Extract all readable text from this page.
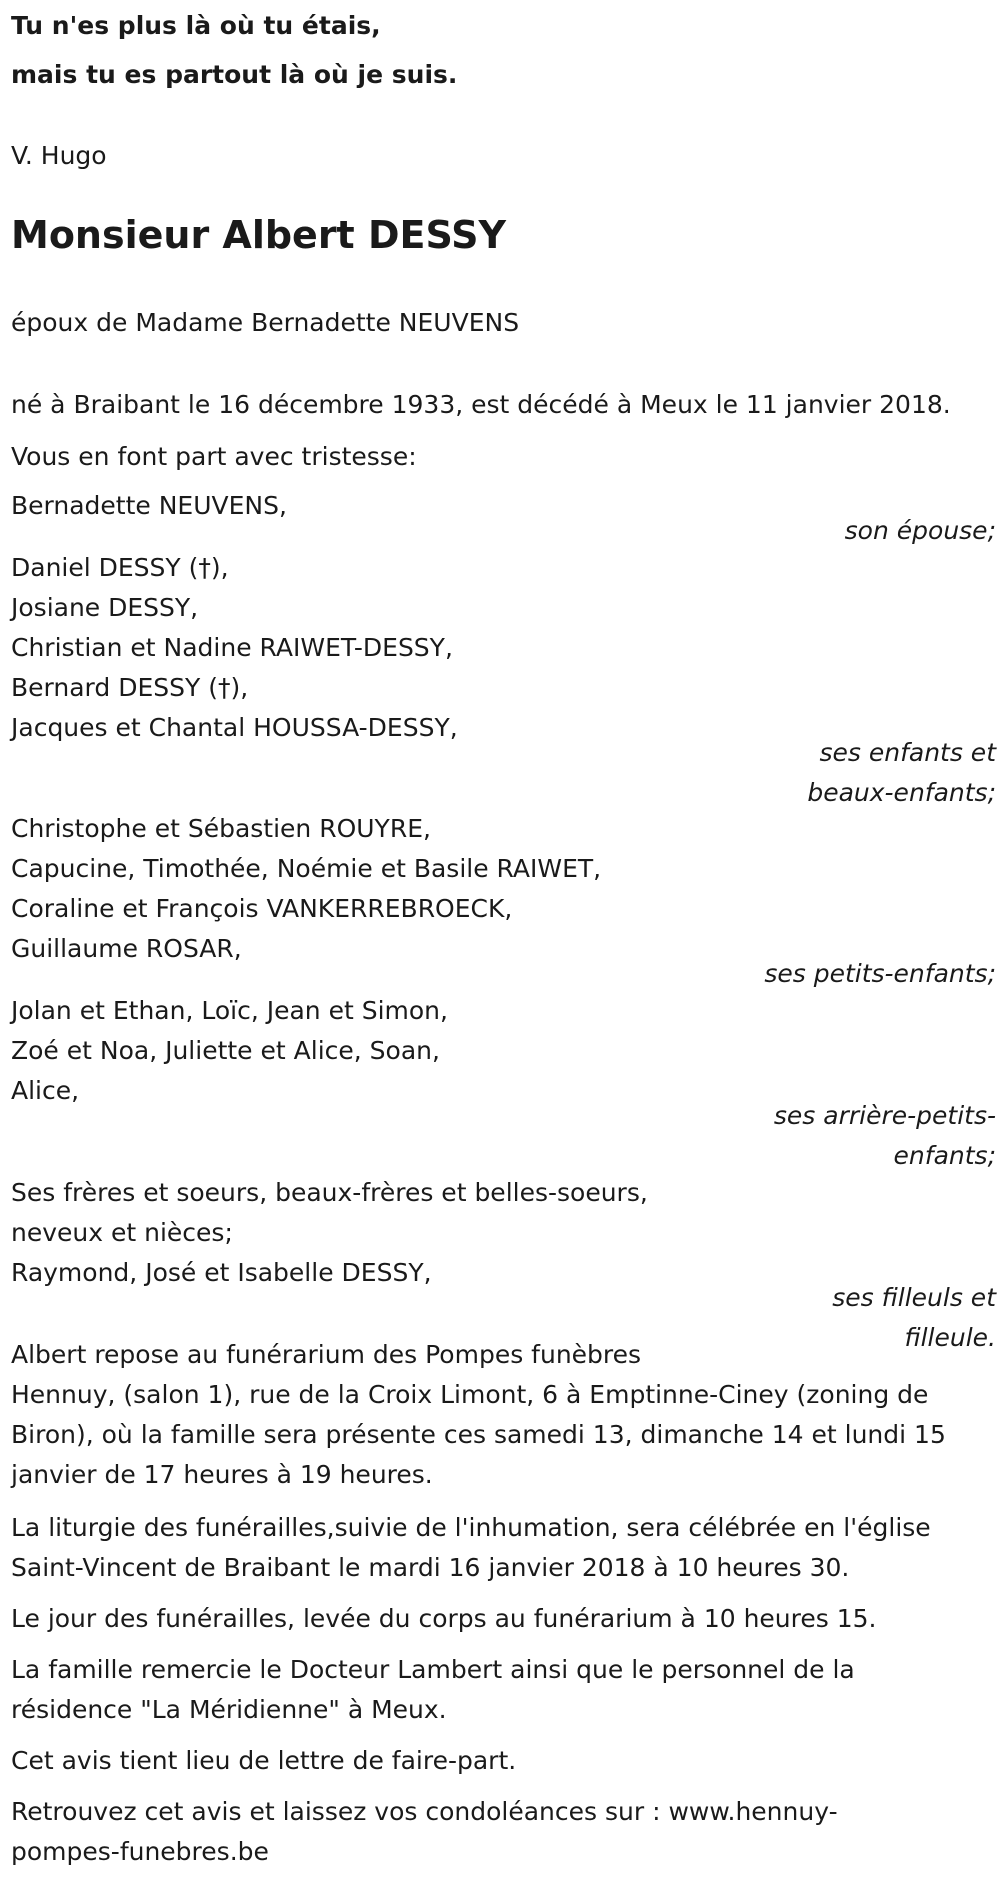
Tu n'es plus là où tu étais,

mais tu es partout là où je suis.

V. Hugo

Monsieur Albert DESSY

époux de Madame Bernadette NEUVENS

né à Braibant le 16 décembre 1933, est décédé à Meux le 11 janvier 2018.

Vous en font part avec tristesse:

Bernadette NEUVENS,

son épouse;

Daniel DESSY (†),

Josiane DESSY,

Christian et Nadine RAIWET-DESSY,

Bernard DESSY (†),

Jacques et Chantal HOUSSA-DESSY,

ses enfants et

beaux-enfants;

Christophe et Sébastien ROUYRE,

Capucine, Timothée, Noémie et Basile RAIWET,

Coraline et François VANKERREBROECK,

Guillaume ROSAR,

ses petits-enfants;

Jolan et Ethan, Loïc, Jean et Simon,

Zoé et Noa, Juliette et Alice, Soan,

Alice,

ses arrière-petits-

enfants;

Ses frères et soeurs, beaux-frères et belles-soeurs,

neveux et nièces;

Raymond, José et Isabelle DESSY,

ses filleuls et

filleule.

Albert repose au funérarium des Pompes funèbres

Hennuy, (salon 1), rue de la Croix Limont, 6 à Emptinne-Ciney (zoning de

Biron), où la famille sera présente ces samedi 13, dimanche 14 et lundi 15

janvier de 17 heures à 19 heures.

La liturgie des funérailles,suivie de l'inhumation, sera célébrée en l'église

Saint-Vincent de Braibant le mardi 16 janvier 2018 à 10 heures 30.

Le jour des funérailles, levée du corps au funérarium à 10 heures 15.

La famille remercie le Docteur Lambert ainsi que le personnel de la

résidence "La Méridienne" à Meux.

Cet avis tient lieu de lettre de faire-part.

Retrouvez cet avis et laissez vos condoléances sur : www.hennuy-

pompes-funebres.be
